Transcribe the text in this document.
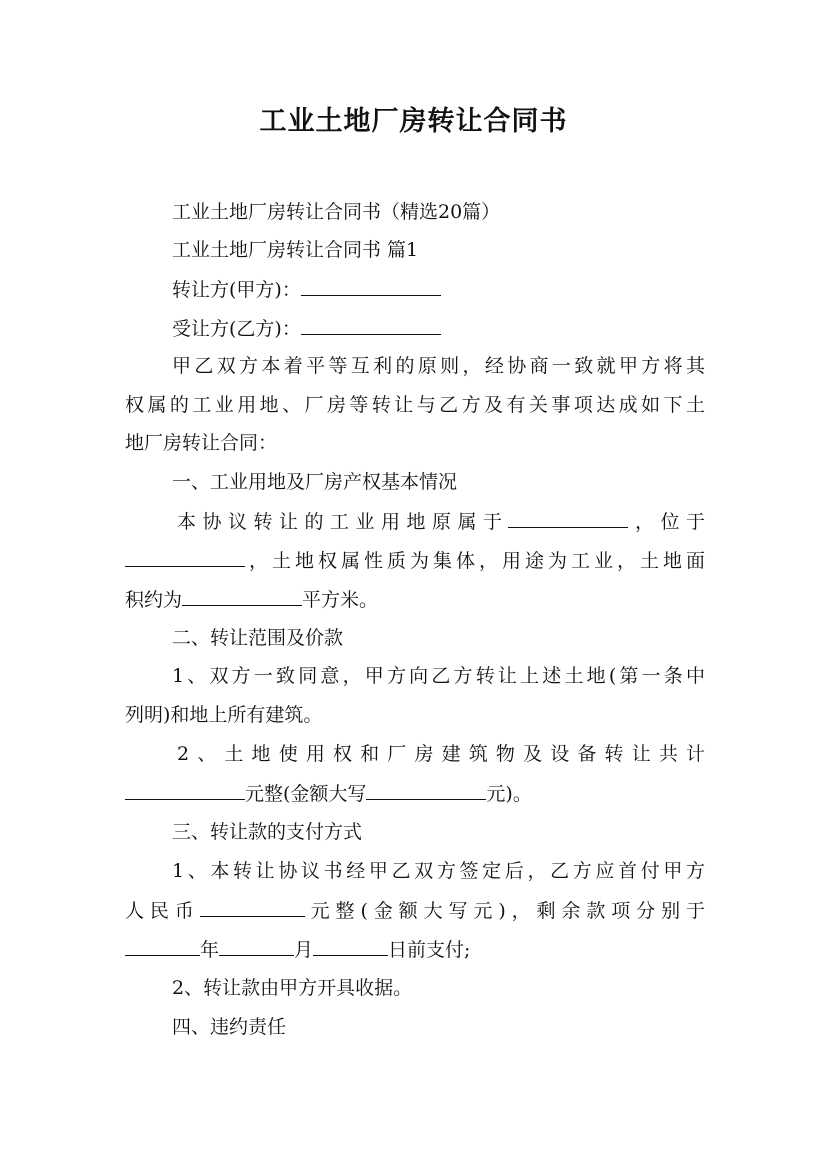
工业土地厂房转让合同书
工业土地厂房转让合同书（精选20篇）
工业土地厂房转让合同书 篇1
转让方(甲方)：
受让方(乙方)：
甲乙双方本着平等互利的原则，经协商一致就甲方将其
权属的工业用地、厂房等转让与乙方及有关事项达成如下土
地厂房转让合同：
一、工业用地及厂房产权基本情况
本协议转让的工业用地原属于	，位于
，土地权属性质为集体，用途为工业，土地面
积约为	平方米。
二、转让范围及价款
1、双方一致同意，甲方向乙方转让上述土地(第一条中
列明)和地上所有建筑。
2、土地使用权和厂房建筑物及设备转让共计
元整(金额大写	元)。
三、转让款的支付方式
1、本转让协议书经甲乙双方签定后，乙方应首付甲方
人民币	元整(金额大写元)，剩余款项分别于
年	月	日前支付;
2、转让款由甲方开具收据。
四、违约责任
